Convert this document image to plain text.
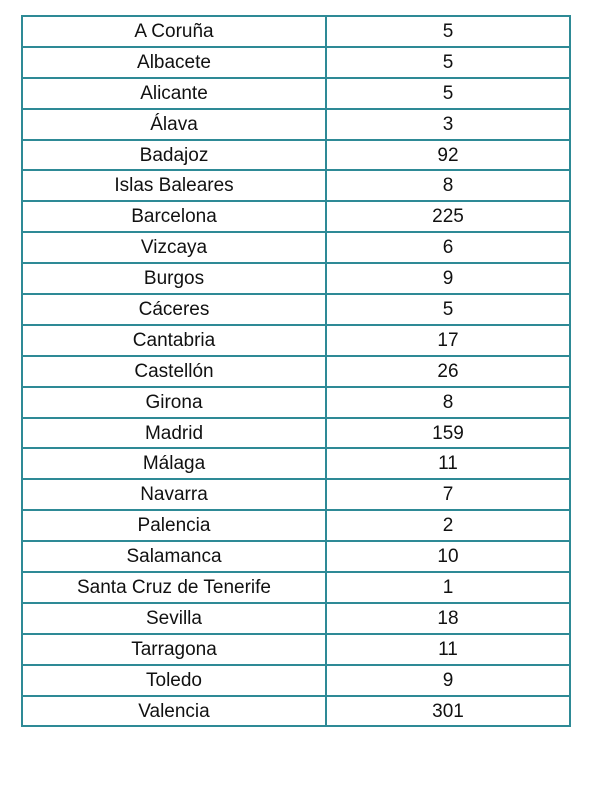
A Coruña	5
Albacete	5
Alicante	5
Álava	3
Badajoz	92
Islas Baleares	8
Barcelona	225
Vizcaya	6
Burgos	9
Cáceres	5
Cantabria	17
Castellón	26
Girona	8
Madrid	159
Málaga	11
Navarra	7
Palencia	2
Salamanca	10
Santa Cruz de Tenerife	1
Sevilla	18
Tarragona	11
Toledo	9
Valencia	301
